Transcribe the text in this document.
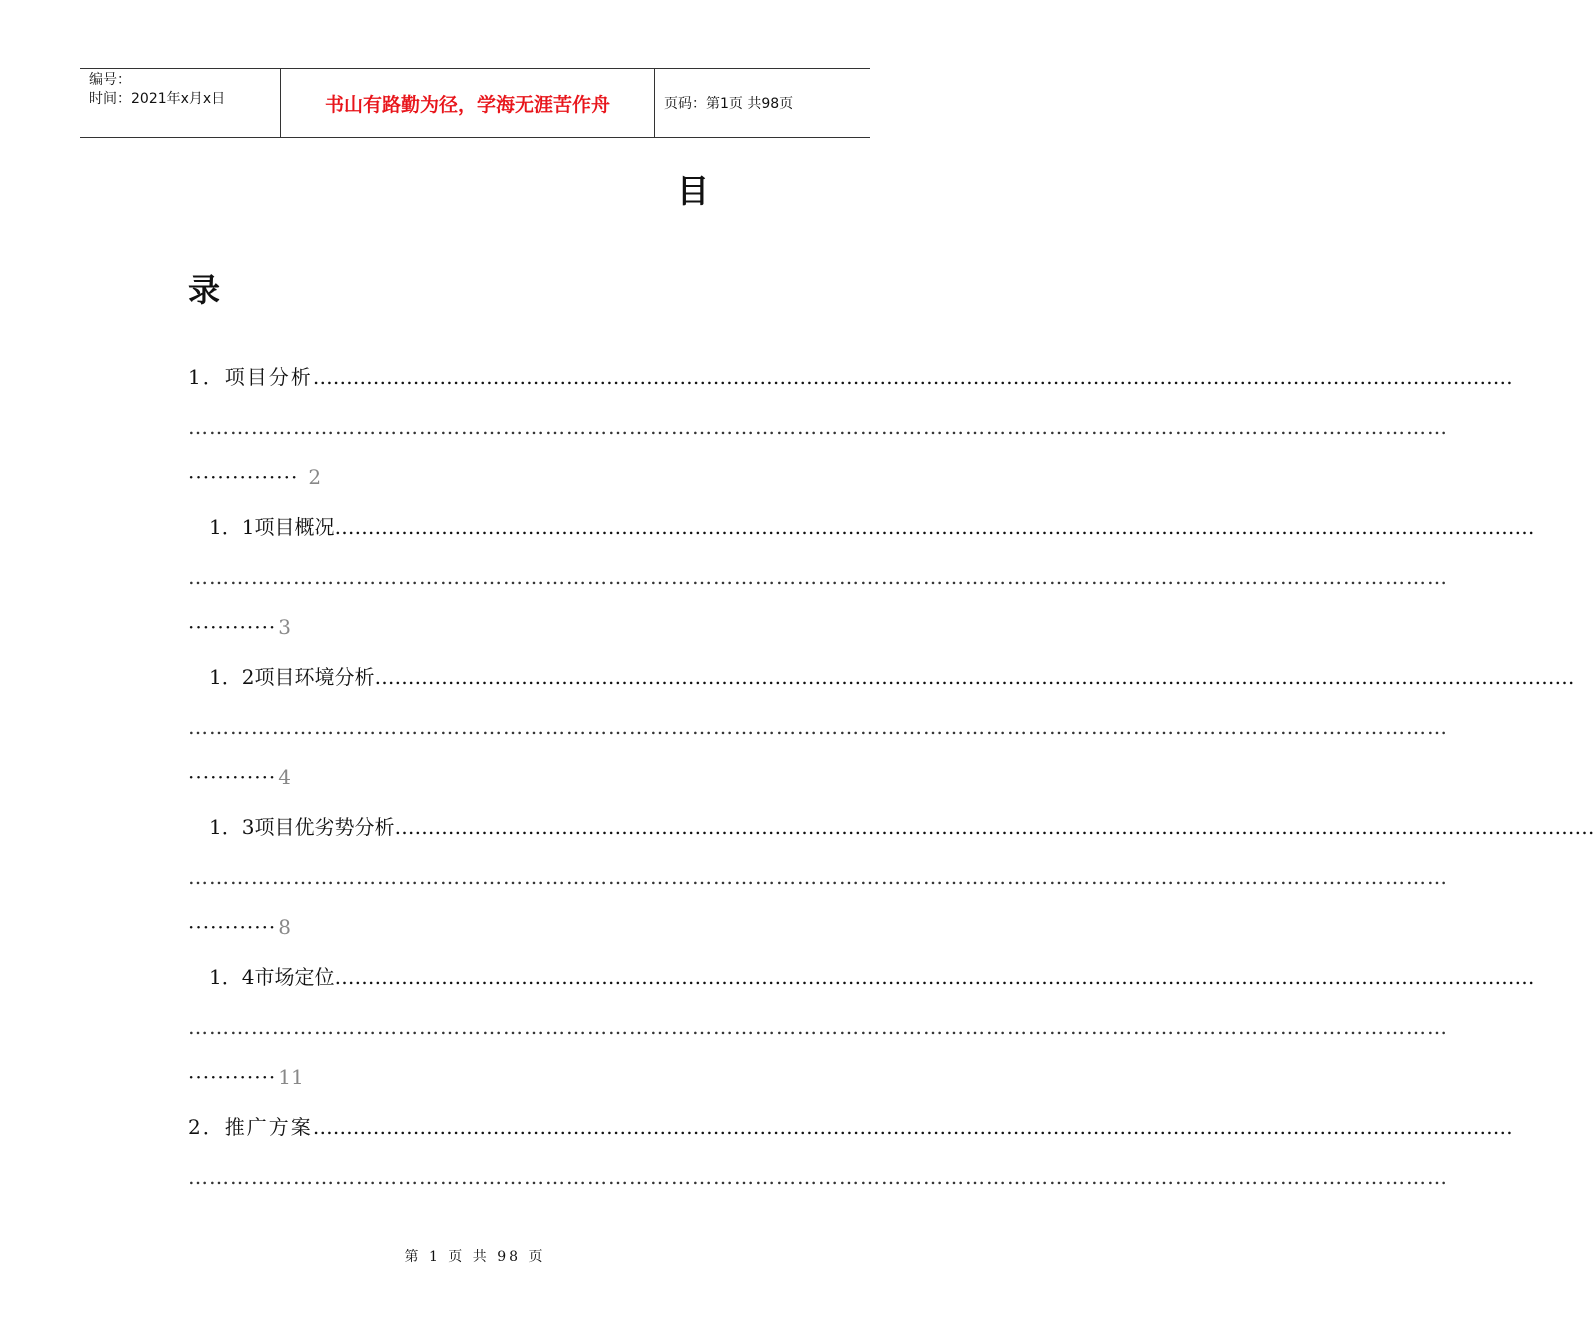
编号：
时间：2021年x月x日	书山有路勤为径，学海无涯苦作舟	页码：第1页 共98页
目
录
1．项目分析………………………………………………………………………………………………………………………………………………………………
………………………………………………………………………………………………………………………………………………………………
··············· 2
1．1项目概况………………………………………………………………………………………………………………………………………………………………
………………………………………………………………………………………………………………………………………………………………
············ 3
1．2项目环境分析………………………………………………………………………………………………………………………………………………………………
………………………………………………………………………………………………………………………………………………………………
············ 4
1．3项目优劣势分析………………………………………………………………………………………………………………………………………………………………
………………………………………………………………………………………………………………………………………………………………
············ 8
1．4市场定位………………………………………………………………………………………………………………………………………………………………
………………………………………………………………………………………………………………………………………………………………
············ 11
2．推广方案………………………………………………………………………………………………………………………………………………………………
………………………………………………………………………………………………………………………………………………………………
第 1 页 共 98 页
